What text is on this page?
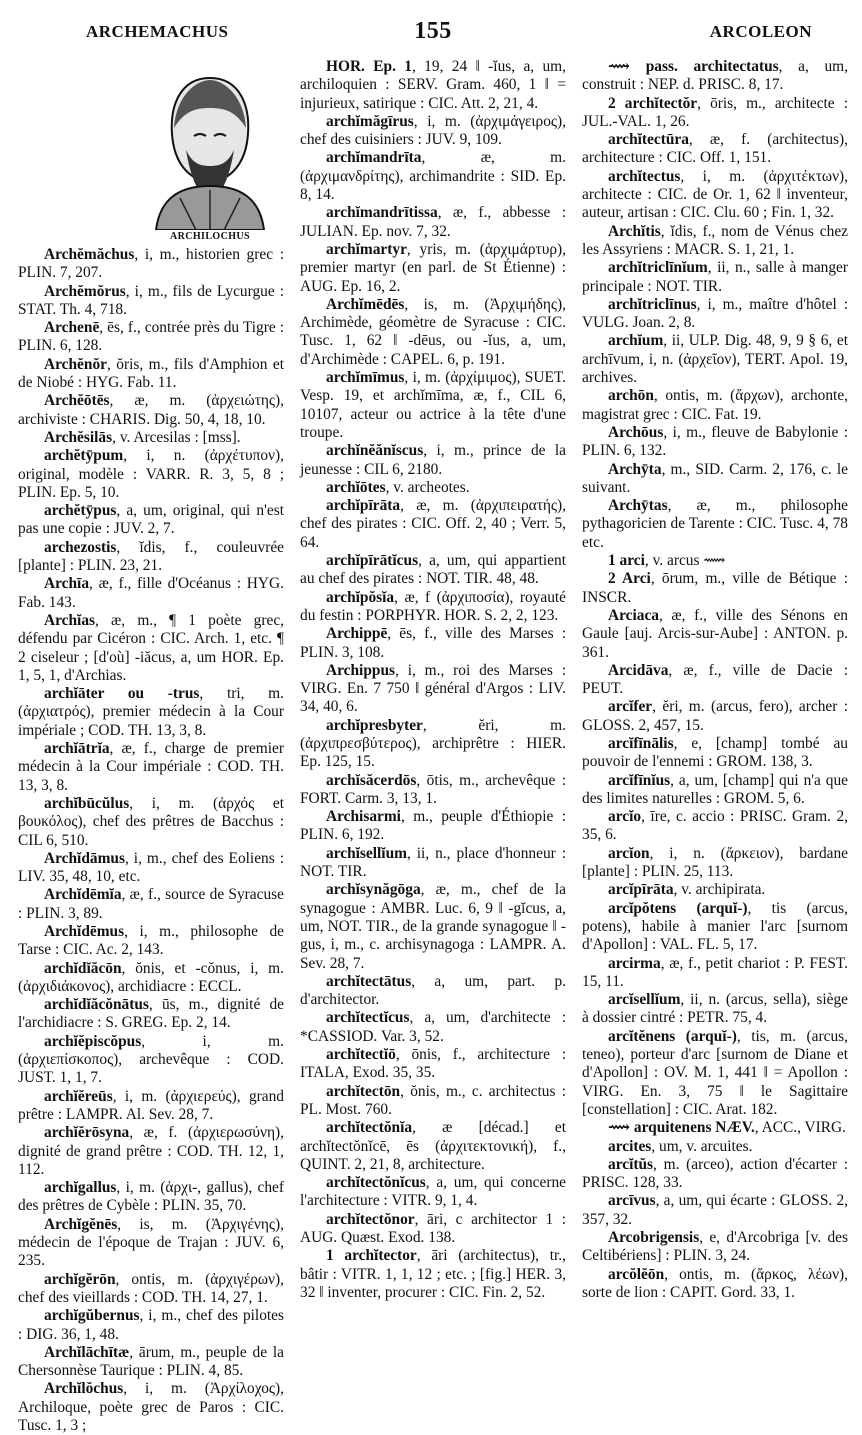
ARCHEMACHUS	155	ARCOLEON
ARCHILOCHUS

Archĕmăchus, i, m., historien grec : PLIN. 7, 207.

Archĕmŏrus, i, m., fils de Lycurgue : STAT. Th. 4, 718.

Archenē, ēs, f., contrée près du Tigre : PLIN. 6, 128.

Archĕnŏr, ŏris, m., fils d'Amphion et de Niobé : HYG. Fab. 11.

Archĕōtēs, æ, m. (ἀρχειώτης), archiviste : CHARIS. Dig. 50, 4, 18, 10.

Archĕsilās, v. Arcesilas : [mss].

archĕtȳpum, i, n. (ἀρχέτυπον), original, modèle : VARR. R. 3, 5, 8 ; PLIN. Ep. 5, 10.

archĕtȳpus, a, um, original, qui n'est pas une copie : JUV. 2, 7.

archezostis, ĭdis, f., couleuvrée [plante] : PLIN. 23, 21.

Archīa, æ, f., fille d'Océanus : HYG. Fab. 143.

Archĭas, æ, m., ¶ 1 poète grec, défendu par Cicéron : CIC. Arch. 1, etc. ¶ 2 ciseleur ; [d'où] -iăcus, a, um HOR. Ep. 1, 5, 1, d'Archias.

archĭāter ou -trus, tri, m. (ἀρχιατρός), premier médecin à la Cour impériale ; COD. TH. 13, 3, 8.

archĭātrĭa, æ, f., charge de premier médecin à la Cour impériale : COD. TH. 13, 3, 8.

archĭbūcŭlus, i, m. (ἀρχός et βουκόλος), chef des prêtres de Bacchus : CIL 6, 510.

Archĭdāmus, i, m., chef des Eoliens : LIV. 35, 48, 10, etc.

Archĭdēmĭa, æ, f., source de Syracuse : PLIN. 3, 89.

Archĭdēmus, i, m., philosophe de Tarse : CIC. Ac. 2, 143.

archĭdĭăcōn, ŏnis, et -cŏnus, i, m. (ἀρχιδιάκονος), archidiacre : ECCL.

archĭdĭăcŏnātus, ūs, m., dignité de l'archidiacre : S. GREG. Ep. 2, 14.

archĭĕpiscŏpus, i, m. (ἀρχιεπίσκοπος), archevêque : COD. JUST. 1, 1, 7.

archĭĕreūs, i, m. (ἀρχιερεύς), grand prêtre : LAMPR. Al. Sev. 28, 7.

archĭĕrōsyna, æ, f. (ἀρχιερωσύνη), dignité de grand prêtre : COD. TH. 12, 1, 112.

archĭgallus, i, m. (ἀρχι-, gallus), chef des prêtres de Cybèle : PLIN. 35, 70.

Archĭgĕnēs, is, m. (Ἀρχιγένης), médecin de l'époque de Trajan : JUV. 6, 235.

archĭgĕrōn, ontis, m. (ἀρχιγέρων), chef des vieillards : COD. TH. 14, 27, 1.

archĭgŭbernus, i, m., chef des pilotes : DIG. 36, 1, 48.

Archĭlāchītæ, ārum, m., peuple de la Chersonnèse Taurique : PLIN. 4, 85.

Archĭlŏchus, i, m. (Ἀρχίλοχος), Archiloque, poète grec de Paros : CIC. Tusc. 1, 3 ;

HOR. Ep. 1, 19, 24 ‖ -ĭus, a, um, archiloquien : SERV. Gram. 460, 1 ‖ = injurieux, satirique : CIC. Att. 2, 21, 4.

archĭmăgīrus, i, m. (ἀρχιμάγειρος), chef des cuisiniers : JUV. 9, 109.

archĭmandrīta, æ, m. (ἀρχιμανδρίτης), archimandrite : SID. Ep. 8, 14.

archĭmandrītissa, æ, f., abbesse : JULIAN. Ep. nov. 7, 32.

archĭmartyr, yris, m. (ἀρχιμάρτυρ), premier martyr (en parl. de St Étienne) : AUG. Ep. 16, 2.

Archĭmēdēs, is, m. (Ἀρχιμήδης), Archimède, géomètre de Syracuse : CIC. Tusc. 1, 62 ‖ -dēus, ou -ĭus, a, um, d'Archimède : CAPEL. 6, p. 191.

archĭmīmus, i, m. (ἀρχίμιμος), SUET. Vesp. 19, et archĭmīma, æ, f., CIL 6, 10107, acteur ou actrice à la tête d'une troupe.

archĭnĕănĭscus, i, m., prince de la jeunesse : CIL 6, 2180.

archĭōtes, v. archeotes.

archĭpīrāta, æ, m. (ἀρχιπειρατής), chef des pirates : CIC. Off. 2, 40 ; Verr. 5, 64.

archĭpīrātĭcus, a, um, qui appartient au chef des pirates : NOT. TIR. 48, 48.

archĭpŏsĭa, æ, f (ἀρχιποσία), royauté du festin : PORPHYR. HOR. S. 2, 2, 123.

Archippē, ēs, f., ville des Marses : PLIN. 3, 108.

Archippus, i, m., roi des Marses : VIRG. En. 7 750 ‖ général d'Argos : LIV. 34, 40, 6.

archĭpresbyter, ĕri, m. (ἀρχιπρεσβύτερος), archiprêtre : HIER. Ep. 125, 15.

archĭsăcerdōs, ōtis, m., archevêque : FORT. Carm. 3, 13, 1.

Archisarmi, m., peuple d'Éthiopie : PLIN. 6, 192.

archĭsellĭum, ii, n., place d'honneur : NOT. TIR.

archĭsynăgōga, æ, m., chef de la synagogue : AMBR. Luc. 6, 9 ‖ -gĭcus, a, um, NOT. TIR., de la grande synagogue ‖ -gus, i, m., c. archisynagoga : LAMPR. A. Sev. 28, 7.

archĭtectātus, a, um, part. p. d'architector.

archĭtectĭcus, a, um, d'architecte : *CASSIOD. Var. 3, 52.

archĭtectĭō, ōnis, f., architecture : ITALA, Exod. 35, 35.

archĭtectōn, ŏnis, m., c. architectus : PL. Most. 760.

archĭtectŏnĭa, æ [décad.] et archĭtectŏnĭcē, ēs (ἀρχιτεκτονική), f., QUINT. 2, 21, 8, architecture.

archĭtectŏnĭcus, a, um, qui concerne l'architecture : VITR. 9, 1, 4.

archĭtectŏnor, āri, c architector 1 : AUG. Quæst. Exod. 138.

1 archĭtector, āri (architectus), tr., bâtir : VITR. 1, 1, 12 ; etc. ; [fig.] HER. 3, 32 ‖ inventer, procurer : CIC. Fin. 2, 52.

⟿ pass. architectatus, a, um, construit : NEP. d. PRISC. 8, 17.

2 archĭtectŏr, ōris, m., architecte : JUL.-VAL. 1, 26.

archĭtectūra, æ, f. (architectus), architecture : CIC. Off. 1, 151.

archĭtectus, i, m. (ἀρχιτέκτων), architecte : CIC. de Or. 1, 62 ‖ inventeur, auteur, artisan : CIC. Clu. 60 ; Fin. 1, 32.

Archĭtis, ĭdis, f., nom de Vénus chez les Assyriens : MACR. S. 1, 21, 1.

archĭtriclīnĭum, ii, n., salle à manger principale : NOT. TIR.

archĭtriclīnus, i, m., maître d'hôtel : VULG. Joan. 2, 8.

archĭum, ii, ULP. Dig. 48, 9, 9 § 6, et archīvum, i, n. (ἀρχεῖον), TERT. Apol. 19, archives.

archōn, ontis, m. (ἄρχων), archonte, magistrat grec : CIC. Fat. 19.

Archōus, i, m., fleuve de Babylonie : PLIN. 6, 132.

Archȳta, m., SID. Carm. 2, 176, c. le suivant.

Archȳtas, æ, m., philosophe pythagoricien de Tarente : CIC. Tusc. 4, 78 etc.

1 arci, v. arcus ⟿

2 Arci, ōrum, m., ville de Bétique : INSCR.

Arciaca, æ, f., ville des Sénons en Gaule [auj. Arcis-sur-Aube] : ANTON. p. 361.

Arcidāva, æ, f., ville de Dacie : PEUT.

arcĭfer, ĕri, m. (arcus, fero), archer : GLOSS. 2, 457, 15.

arcĭfīnālis, e, [champ] tombé au pouvoir de l'ennemi : GROM. 138, 3.

arcĭfīnĭus, a, um, [champ] qui n'a que des limites naturelles : GROM. 5, 6.

arcĭo, īre, c. accio : PRISC. Gram. 2, 35, 6.

arcĭon, i, n. (ἄρκειον), bardane [plante] : PLIN. 25, 113.

arcĭpīrāta, v. archipirata.

arcĭpŏtens (arquĭ-), tis (arcus, potens), habile à manier l'arc [surnom d'Apollon] : VAL. FL. 5, 17.

arcirma, æ, f., petit chariot : P. FEST. 15, 11.

arcĭsellĭum, ii, n. (arcus, sella), siège à dossier cintré : PETR. 75, 4.

arcĭtĕnens (arquĭ-), tis, m. (arcus, teneo), porteur d'arc [surnom de Diane et d'Apollon] : OV. M. 1, 441 ‖ = Apollon : VIRG. En. 3, 75 ‖ le Sagittaire [constellation] : CIC. Arat. 182.

⟿ arquitenens NÆV., ACC., VIRG.

arcites, um, v. arcuites.

arcĭtŭs, m. (arceo), action d'écarter : PRISC. 128, 33.

arcīvus, a, um, qui écarte : GLOSS. 2, 357, 32.

Arcobrigensis, e, d'Arcobriga [v. des Celtibériens] : PLIN. 3, 24.

arcŏlĕōn, ontis, m. (ἄρκος, λέων), sorte de lion : CAPIT. Gord. 33, 1.
